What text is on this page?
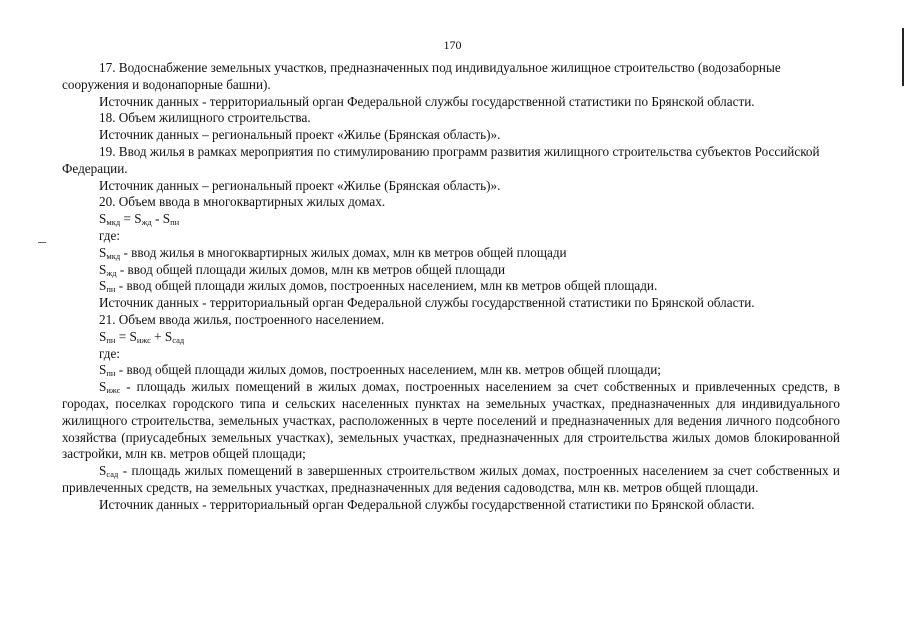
170

17. Водоснабжение земельных участков, предназначенных под индивидуальное жилищное строительство (водозаборные сооружения и водонапорные башни).

Источник данных - территориальный орган Федеральной службы государственной статистики по Брянской области.

18. Объем жилищного строительства.

Источник данных – региональный проект «Жилье (Брянская область)».

19. Ввод жилья в рамках мероприятия по стимулированию программ развития жилищного строительства субъектов Российской Федерации.

Источник данных – региональный проект «Жилье (Брянская область)».

20. Объем ввода в многоквартирных жилых домах.

$S_{мкд} = S_{жд} - S_{пн}$

где:

$S_{мкд}$ - ввод жилья в многоквартирных жилых домах, млн кв метров общей площади

$S_{жд}$ - ввод общей площади жилых домов, млн кв метров общей площади

$S_{пн}$ - ввод общей площади жилых домов, построенных населением, млн кв метров общей площади.

Источник данных - территориальный орган Федеральной службы государственной статистики по Брянской области.

21. Объем ввода жилья, построенного населением.

$S_{пн} = S_{ижс} + S_{сад}$

где:

$S_{пн}$ - ввод общей площади жилых домов, построенных населением, млн кв. метров общей площади;

$S_{ижс}$ - площадь жилых помещений в жилых домах, построенных населением за счет собственных и привлеченных средств, в городах, поселках городского типа и сельских населенных пунктах на земельных участках, предназначенных для индивидуального жилищного строительства, земельных участках, расположенных в черте поселений и предназначенных для ведения личного подсобного хозяйства (приусадебных земельных участках), земельных участках, предназначенных для строительства жилых домов блокированной застройки, млн кв. метров общей площади;

$S_{сад}$ - площадь жилых помещений в завершенных строительством жилых домах, построенных населением за счет собственных и привлеченных средств, на земельных участках, предназначенных для ведения садоводства, млн кв. метров общей площади.

Источник данных - территориальный орган Федеральной службы государственной статистики по Брянской области.
